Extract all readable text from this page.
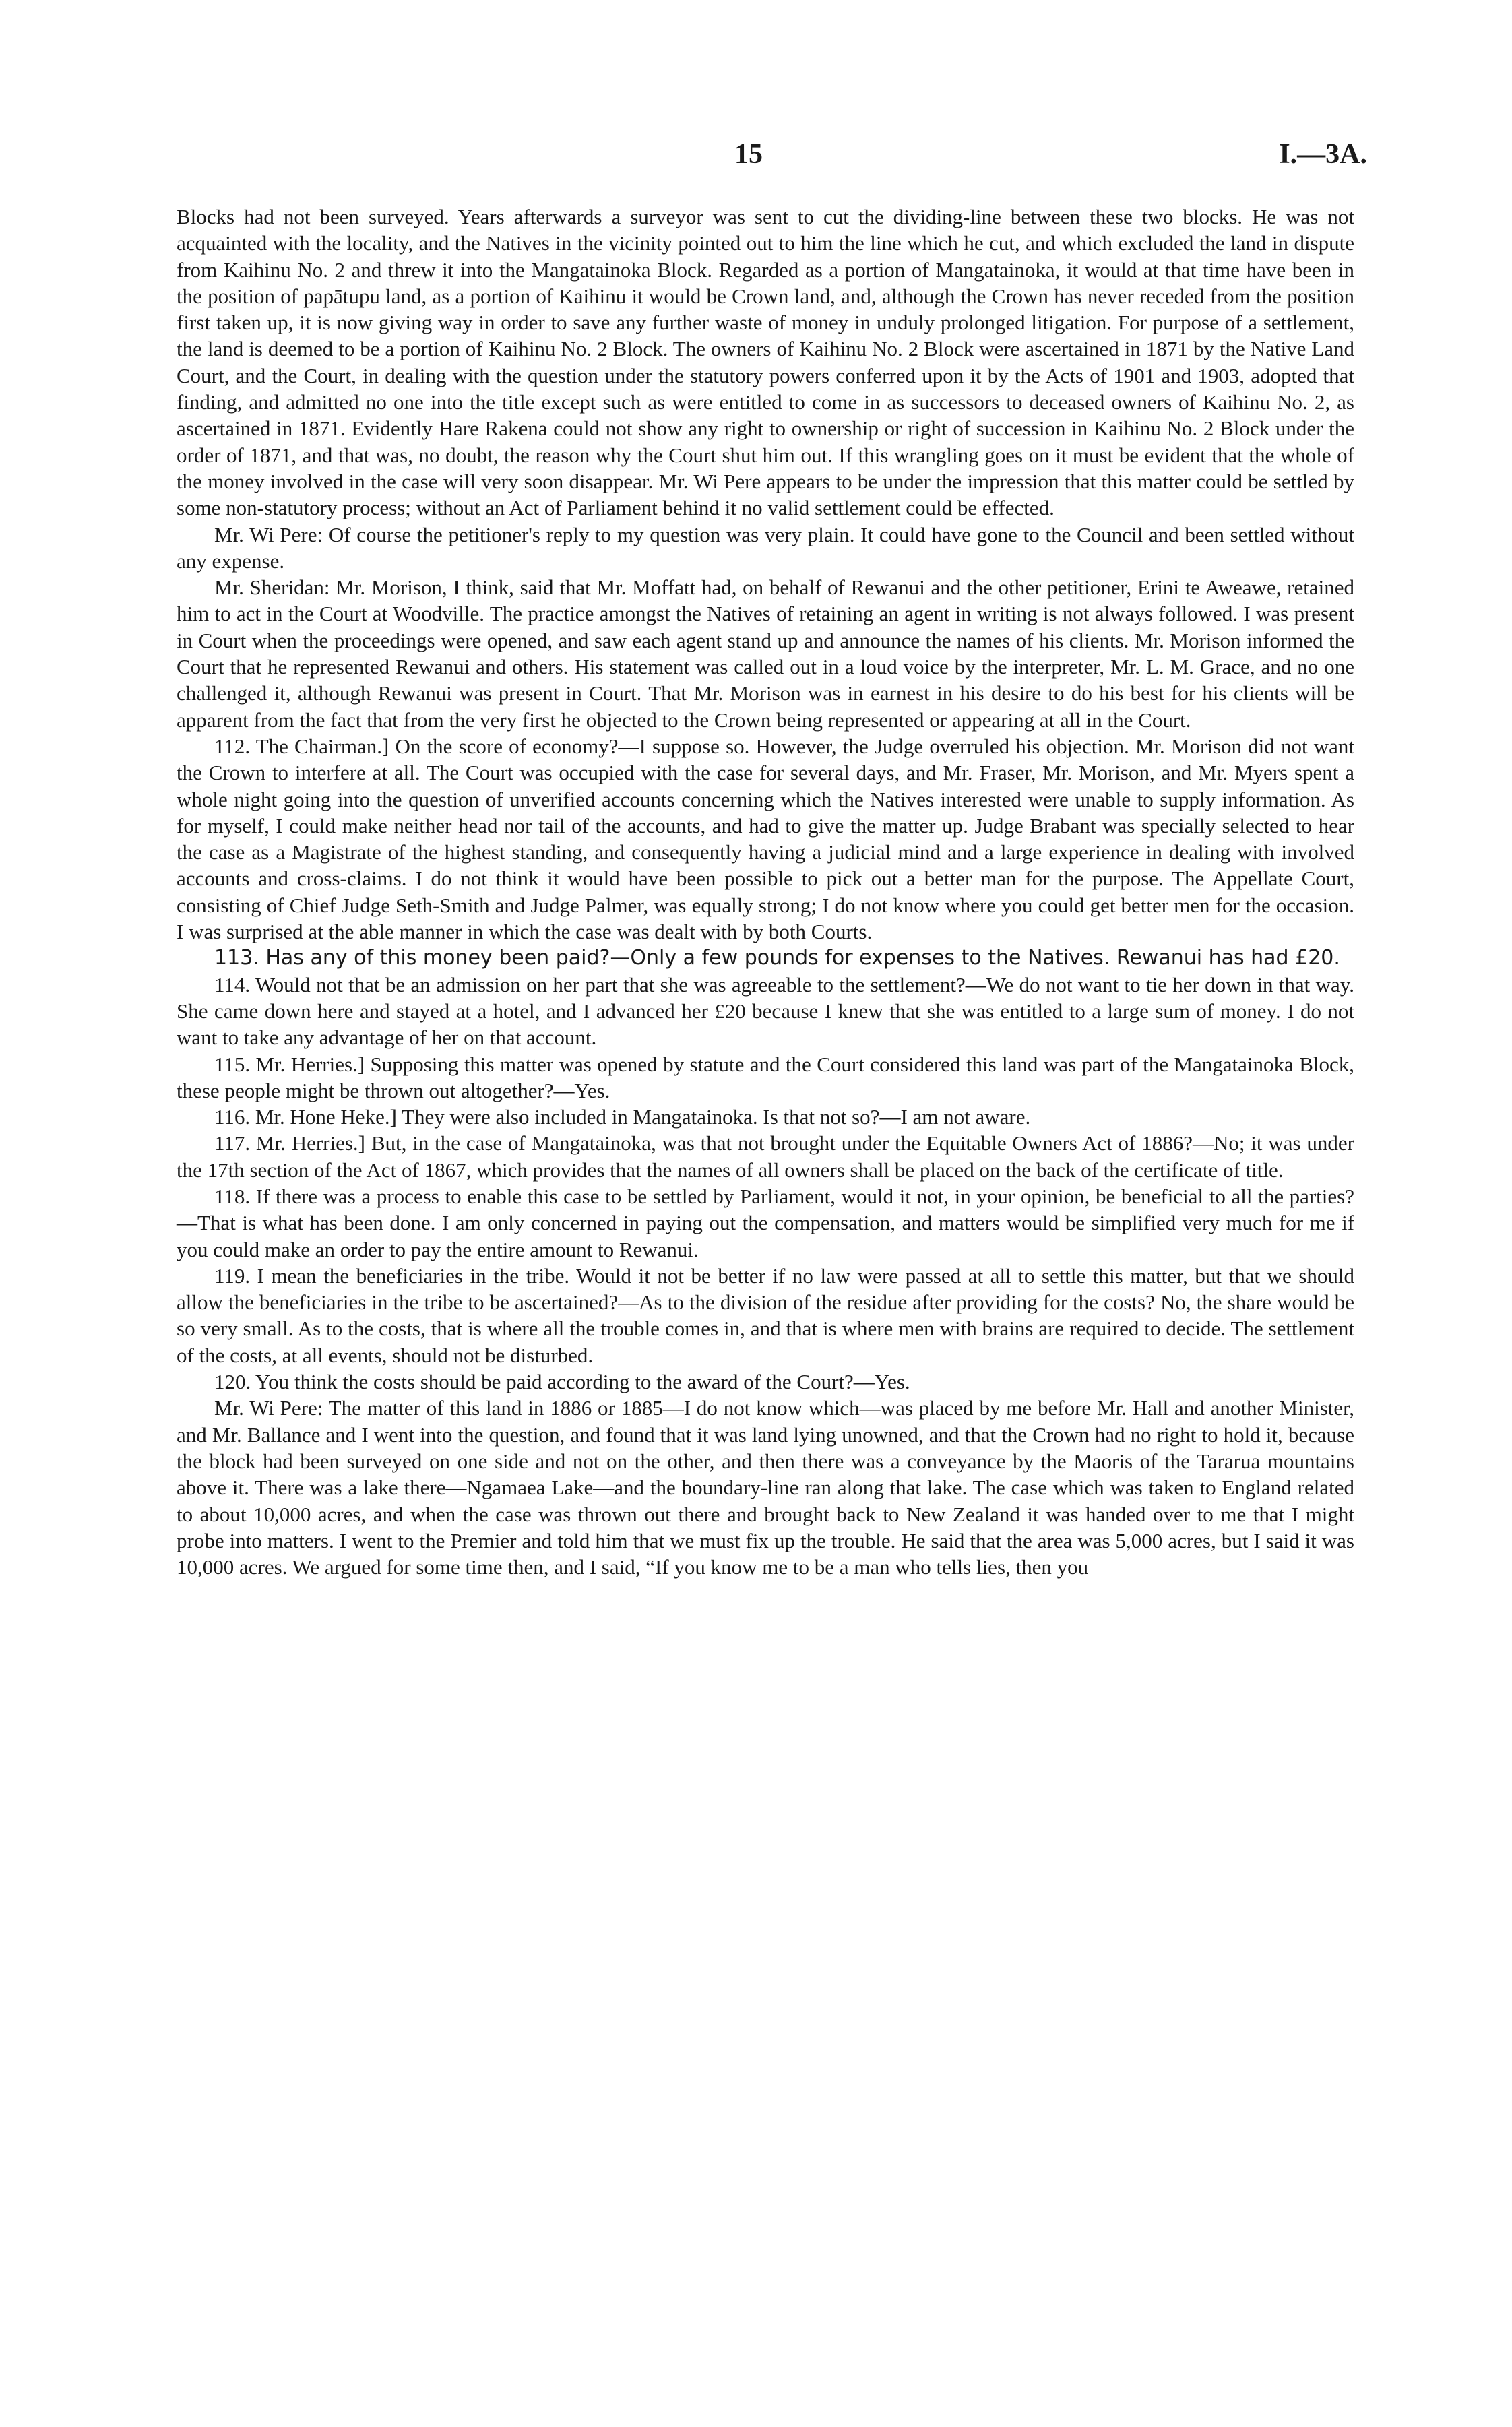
15	I.—3A.

Blocks had not been surveyed. Years afterwards a surveyor was sent to cut the dividing-line between these two blocks. He was not acquainted with the locality, and the Natives in the vicinity pointed out to him the line which he cut, and which excluded the land in dispute from Kaihinu No. 2 and threw it into the Mangatainoka Block. Regarded as a portion of Mangatainoka, it would at that time have been in the position of papātupu land, as a portion of Kaihinu it would be Crown land, and, although the Crown has never receded from the position first taken up, it is now giving way in order to save any further waste of money in unduly prolonged litigation. For purpose of a settlement, the land is deemed to be a portion of Kaihinu No. 2 Block. The owners of Kaihinu No. 2 Block were ascertained in 1871 by the Native Land Court, and the Court, in dealing with the question under the statutory powers conferred upon it by the Acts of 1901 and 1903, adopted that finding, and admitted no one into the title except such as were entitled to come in as successors to deceased owners of Kaihinu No. 2, as ascertained in 1871. Evidently Hare Rakena could not show any right to ownership or right of succession in Kaihinu No. 2 Block under the order of 1871, and that was, no doubt, the reason why the Court shut him out. If this wrangling goes on it must be evident that the whole of the money involved in the case will very soon disappear. Mr. Wi Pere appears to be under the impression that this matter could be settled by some non-statutory process; without an Act of Parliament behind it no valid settlement could be effected.

Mr. Wi Pere: Of course the petitioner's reply to my question was very plain. It could have gone to the Council and been settled without any expense.

Mr. Sheridan: Mr. Morison, I think, said that Mr. Moffatt had, on behalf of Rewanui and the other petitioner, Erini te Aweawe, retained him to act in the Court at Woodville. The practice amongst the Natives of retaining an agent in writing is not always followed. I was present in Court when the proceedings were opened, and saw each agent stand up and announce the names of his clients. Mr. Morison informed the Court that he represented Rewanui and others. His statement was called out in a loud voice by the interpreter, Mr. L. M. Grace, and no one challenged it, although Rewanui was present in Court. That Mr. Morison was in earnest in his desire to do his best for his clients will be apparent from the fact that from the very first he objected to the Crown being represented or appearing at all in the Court.

112. The Chairman.] On the score of economy?—I suppose so. However, the Judge overruled his objection. Mr. Morison did not want the Crown to interfere at all. The Court was occupied with the case for several days, and Mr. Fraser, Mr. Morison, and Mr. Myers spent a whole night going into the question of unverified accounts concerning which the Natives interested were unable to supply information. As for myself, I could make neither head nor tail of the accounts, and had to give the matter up. Judge Brabant was specially selected to hear the case as a Magistrate of the highest standing, and consequently having a judicial mind and a large experience in dealing with involved accounts and cross-claims. I do not think it would have been possible to pick out a better man for the purpose. The Appellate Court, consisting of Chief Judge Seth-Smith and Judge Palmer, was equally strong; I do not know where you could get better men for the occasion. I was surprised at the able manner in which the case was dealt with by both Courts.

113. Has any of this money been paid?—Only a few pounds for expenses to the Natives. Rewanui has had £20.

114. Would not that be an admission on her part that she was agreeable to the settlement?—We do not want to tie her down in that way. She came down here and stayed at a hotel, and I advanced her £20 because I knew that she was entitled to a large sum of money. I do not want to take any advantage of her on that account.

115. Mr. Herries.] Supposing this matter was opened by statute and the Court considered this land was part of the Mangatainoka Block, these people might be thrown out altogether?—Yes.

116. Mr. Hone Heke.] They were also included in Mangatainoka. Is that not so?—I am not aware.

117. Mr. Herries.] But, in the case of Mangatainoka, was that not brought under the Equitable Owners Act of 1886?—No; it was under the 17th section of the Act of 1867, which provides that the names of all owners shall be placed on the back of the certificate of title.

118. If there was a process to enable this case to be settled by Parliament, would it not, in your opinion, be beneficial to all the parties?—That is what has been done. I am only concerned in paying out the compensation, and matters would be simplified very much for me if you could make an order to pay the entire amount to Rewanui.

119. I mean the beneficiaries in the tribe. Would it not be better if no law were passed at all to settle this matter, but that we should allow the beneficiaries in the tribe to be ascertained?—As to the division of the residue after providing for the costs? No, the share would be so very small. As to the costs, that is where all the trouble comes in, and that is where men with brains are required to decide. The settlement of the costs, at all events, should not be disturbed.

120. You think the costs should be paid according to the award of the Court?—Yes.

Mr. Wi Pere: The matter of this land in 1886 or 1885—I do not know which—was placed by me before Mr. Hall and another Minister, and Mr. Ballance and I went into the question, and found that it was land lying unowned, and that the Crown had no right to hold it, because the block had been surveyed on one side and not on the other, and then there was a conveyance by the Maoris of the Tararua mountains above it. There was a lake there—Ngamaea Lake—and the boundary-line ran along that lake. The case which was taken to England related to about 10,000 acres, and when the case was thrown out there and brought back to New Zealand it was handed over to me that I might probe into matters. I went to the Premier and told him that we must fix up the trouble. He said that the area was 5,000 acres, but I said it was 10,000 acres. We argued for some time then, and I said, “If you know me to be a man who tells lies, then you
